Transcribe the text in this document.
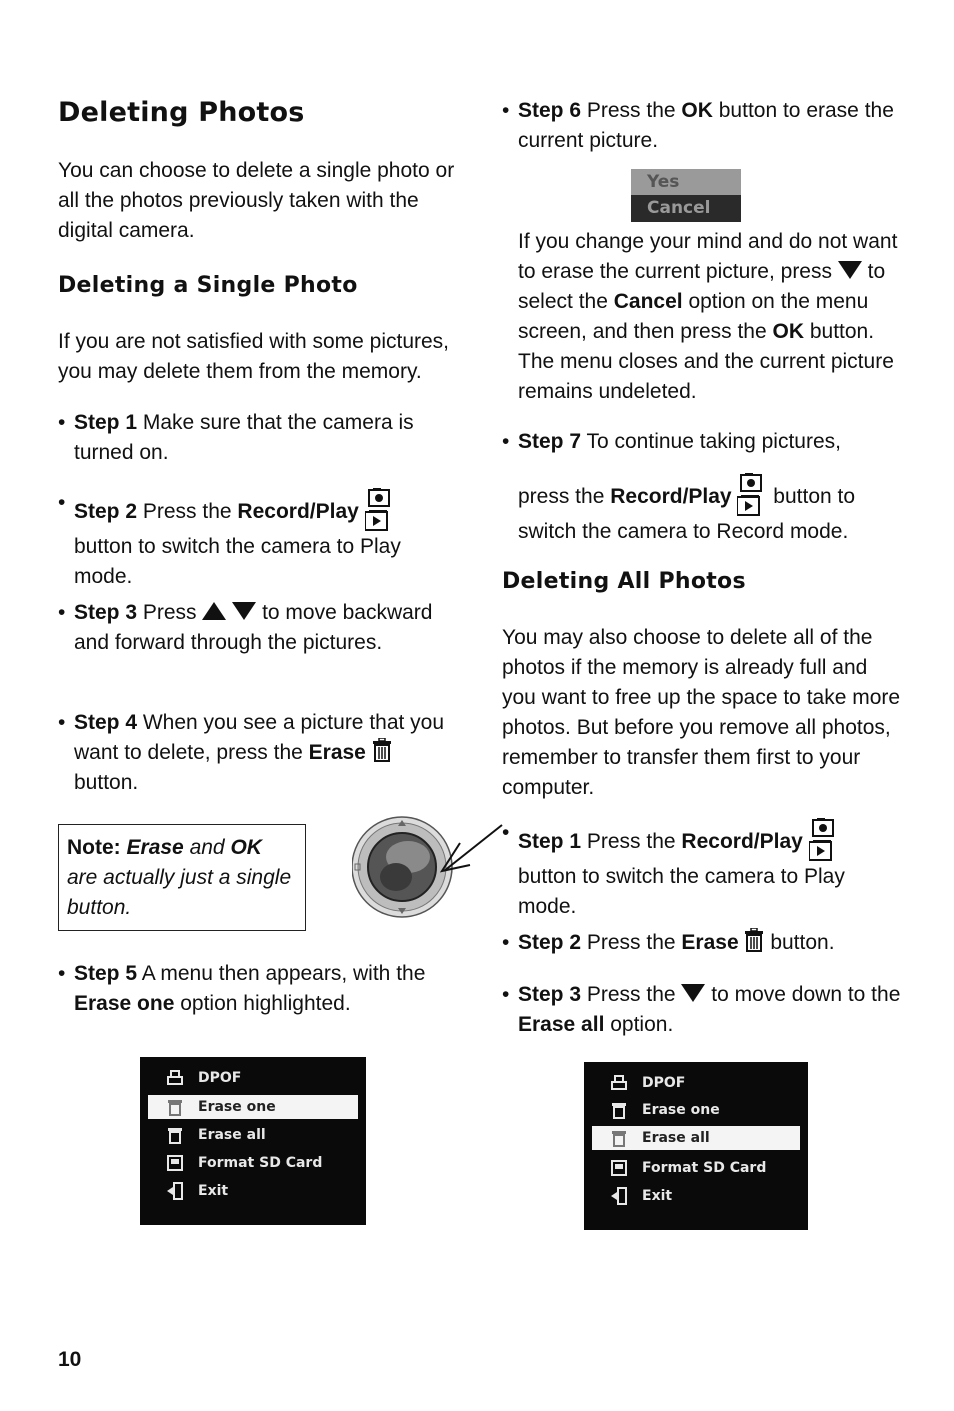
Deleting Photos

You can choose to delete a single photo or all the photos previously taken with the digital camera.

Deleting a Single Photo

If you are not satisfied with some pictures, you may delete them from the memory.

• Step 1 Make sure that the camera is turned on.
• Step 2 Press the Record/Play  button to switch the camera to Play mode.
• Step 3 Press	to move backward and forward through the pictures.
• Step 4 When you see a picture that you want to delete, press the Erase
button.
Note: Erase and OK are actually just a single button.
• Step 5 A menu then appears, with the Erase one option highlighted.
DPOF
Erase one
Erase all
Format SD Card
Exit
• Step 6 Press the OK button to erase the current picture.
Yes
Cancel
If you change your mind and do not want to erase the current picture, press  to select the Cancel option on the menu screen, and then press the OK button. The menu closes and the current picture remains undeleted.
• Step 7 To continue taking pictures,
press the Record/Play  button to
switch the camera to Record mode.
Deleting All Photos

You may also choose to delete all of the photos if the memory is already full and you want to free up the space to take more photos. But before you remove all photos, remember to transfer them first to your computer.

• Step 1 Press the Record/Play  button to switch the camera to Play mode.
• Step 2 Press the Erase  button.
• Step 3 Press the  to move down to the Erase all option.
DPOF
Erase one
Erase all
Format SD Card
Exit
10
